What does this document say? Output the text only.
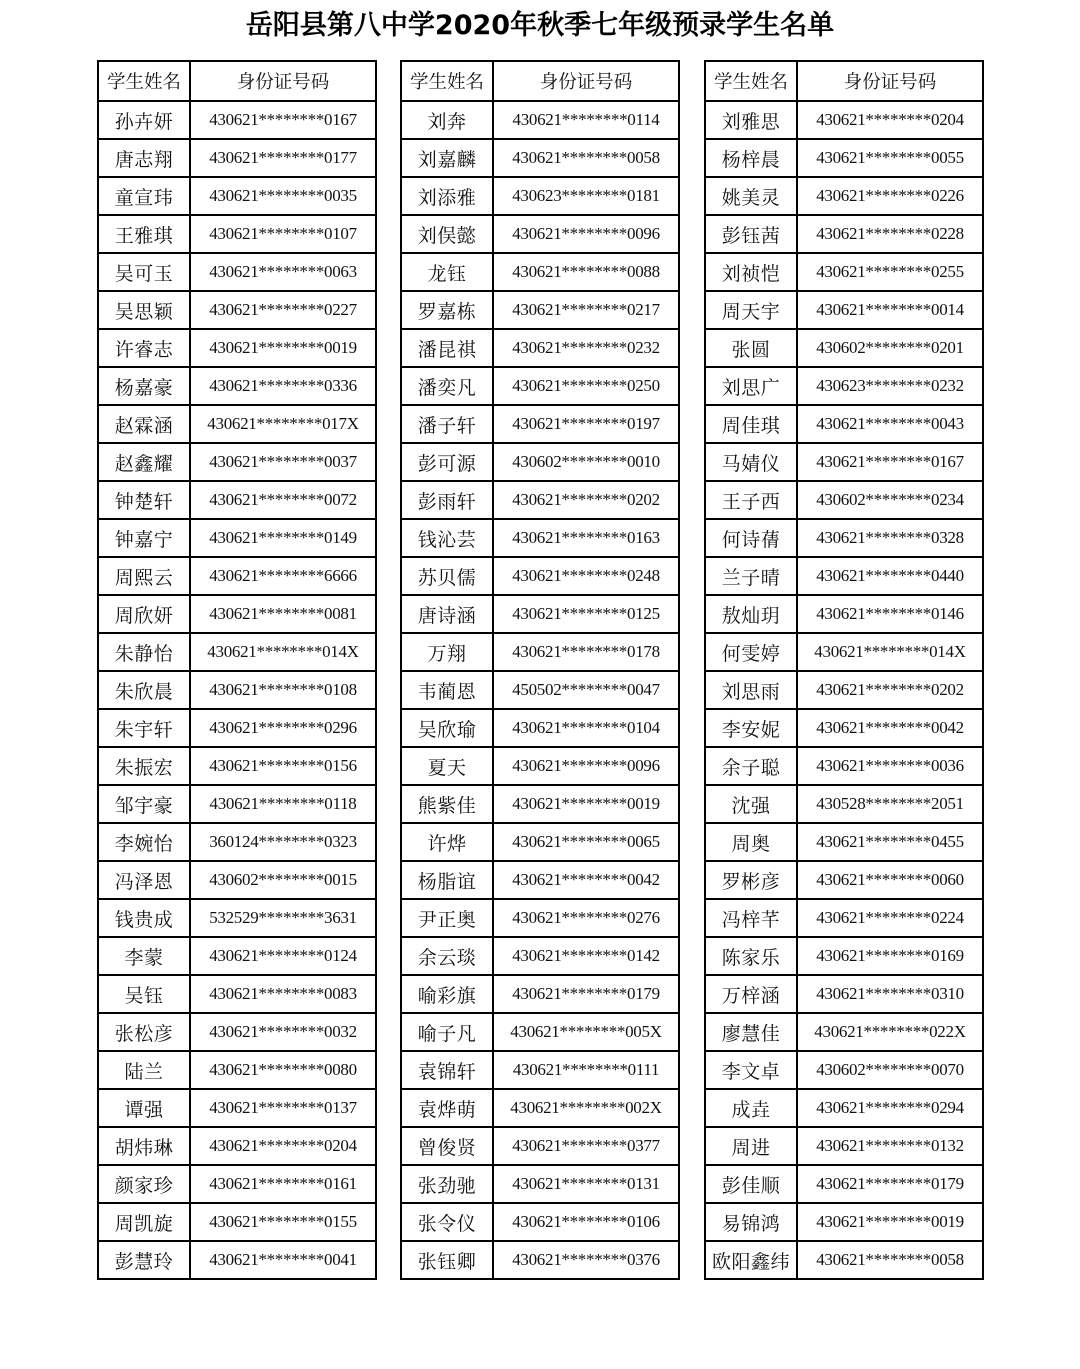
岳阳县第八中学2020年秋季七年级预录学生名单
学生姓名	身份证号码
孙卉妍	430621********0167
唐志翔	430621********0177
童宣玮	430621********0035
王雅琪	430621********0107
吴可玉	430621********0063
吴思颖	430621********0227
许睿志	430621********0019
杨嘉豪	430621********0336
赵霖涵	430621********017X
赵鑫耀	430621********0037
钟楚轩	430621********0072
钟嘉宁	430621********0149
周熙云	430621********6666
周欣妍	430621********0081
朱静怡	430621********014X
朱欣晨	430621********0108
朱宇轩	430621********0296
朱振宏	430621********0156
邹宇豪	430621********0118
李婉怡	360124********0323
冯泽恩	430602********0015
钱贵成	532529********3631
李蒙	430621********0124
吴钰	430621********0083
张松彦	430621********0032
陆兰	430621********0080
谭强	430621********0137
胡炜琳	430621********0204
颜家珍	430621********0161
周凯旋	430621********0155
彭慧玲	430621********0041
学生姓名	身份证号码
刘奔	430621********0114
刘嘉麟	430621********0058
刘添雅	430623********0181
刘俣懿	430621********0096
龙钰	430621********0088
罗嘉栋	430621********0217
潘昆祺	430621********0232
潘奕凡	430621********0250
潘子轩	430621********0197
彭可源	430602********0010
彭雨轩	430621********0202
钱沁芸	430621********0163
苏贝儒	430621********0248
唐诗涵	430621********0125
万翔	430621********0178
韦蔺恩	450502********0047
吴欣瑜	430621********0104
夏天	430621********0096
熊紫佳	430621********0019
许烨	430621********0065
杨脂谊	430621********0042
尹正奥	430621********0276
余云琰	430621********0142
喻彩旗	430621********0179
喻子凡	430621********005X
袁锦轩	430621********0111
袁烨萌	430621********002X
曾俊贤	430621********0377
张劲驰	430621********0131
张令仪	430621********0106
张钰卿	430621********0376
学生姓名	身份证号码
刘雅思	430621********0204
杨梓晨	430621********0055
姚美灵	430621********0226
彭钰茜	430621********0228
刘祯恺	430621********0255
周天宇	430621********0014
张圆	430602********0201
刘思广	430623********0232
周佳琪	430621********0043
马婧仪	430621********0167
王子西	430602********0234
何诗蒨	430621********0328
兰子晴	430621********0440
敖灿玥	430621********0146
何雯婷	430621********014X
刘思雨	430621********0202
李安妮	430621********0042
余子聪	430621********0036
沈强	430528********2051
周奥	430621********0455
罗彬彦	430621********0060
冯梓芊	430621********0224
陈家乐	430621********0169
万梓涵	430621********0310
廖慧佳	430621********022X
李文卓	430602********0070
成垚	430621********0294
周进	430621********0132
彭佳顺	430621********0179
易锦鸿	430621********0019
欧阳鑫纬	430621********0058
